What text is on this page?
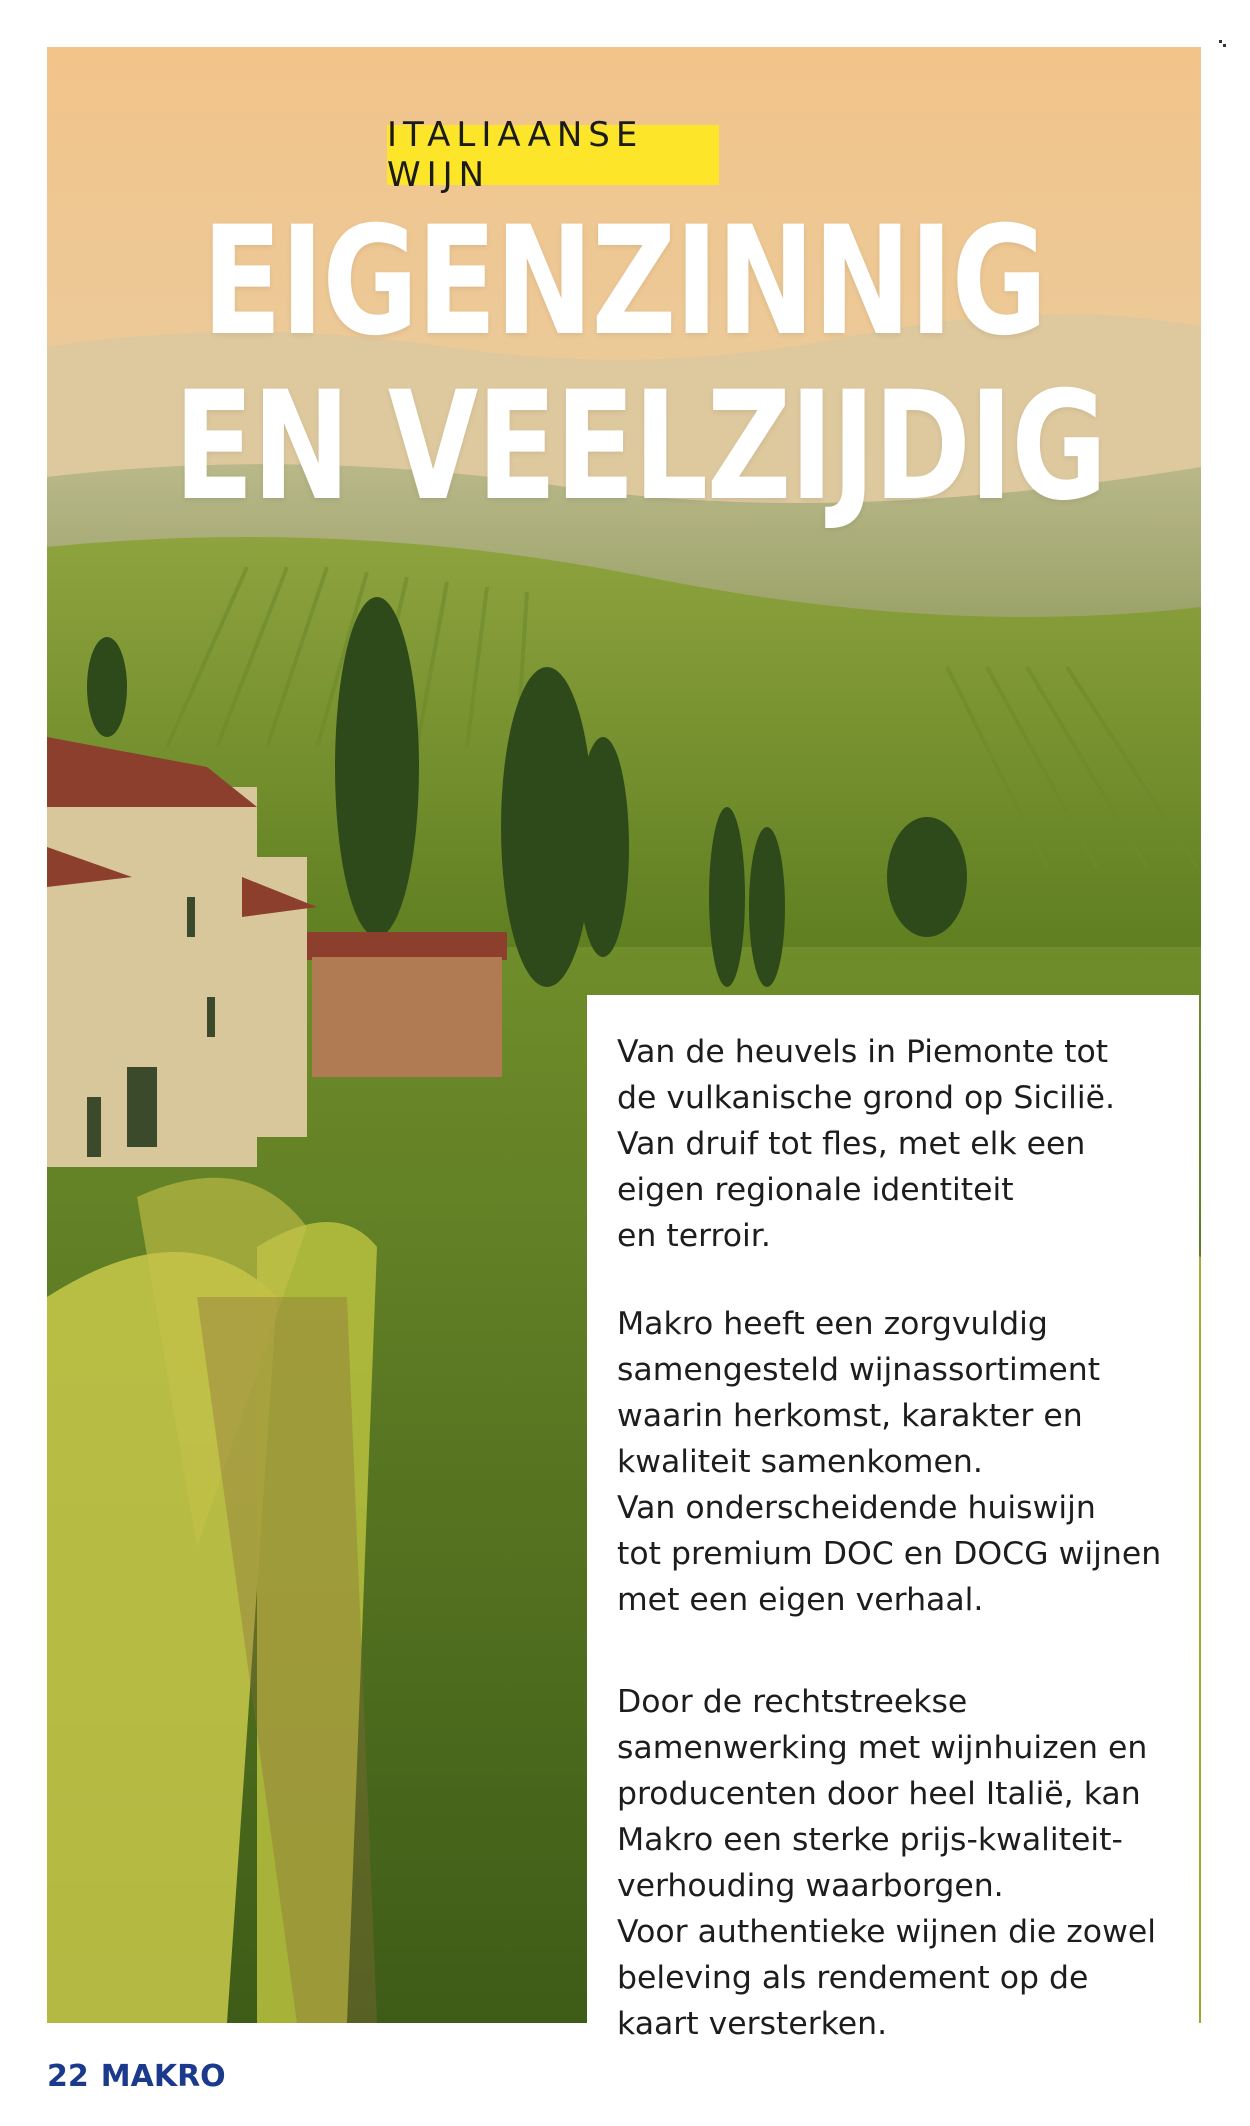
ITALIAANSE WIJN
EIGENZINNIG
EN VEELZIJDIG

Van de heuvels in Piemonte tot
de vulkanische grond op Sicilië.
Van druif tot fles, met elk een
eigen regionale identiteit
en terroir.

Makro heeft een zorgvuldig
samengesteld wijnassortiment
waarin herkomst, karakter en
kwaliteit samenkomen.
Van onderscheidende huiswijn
tot premium DOC en DOCG wijnen
met een eigen verhaal.

Door de rechtstreekse
samenwerking met wijnhuizen en
producenten door heel Italië, kan
Makro een sterke prijs-kwaliteit-
verhouding waarborgen.
Voor authentieke wijnen die zowel
beleving als rendement op de
kaart versterken.

22 MAKRO
